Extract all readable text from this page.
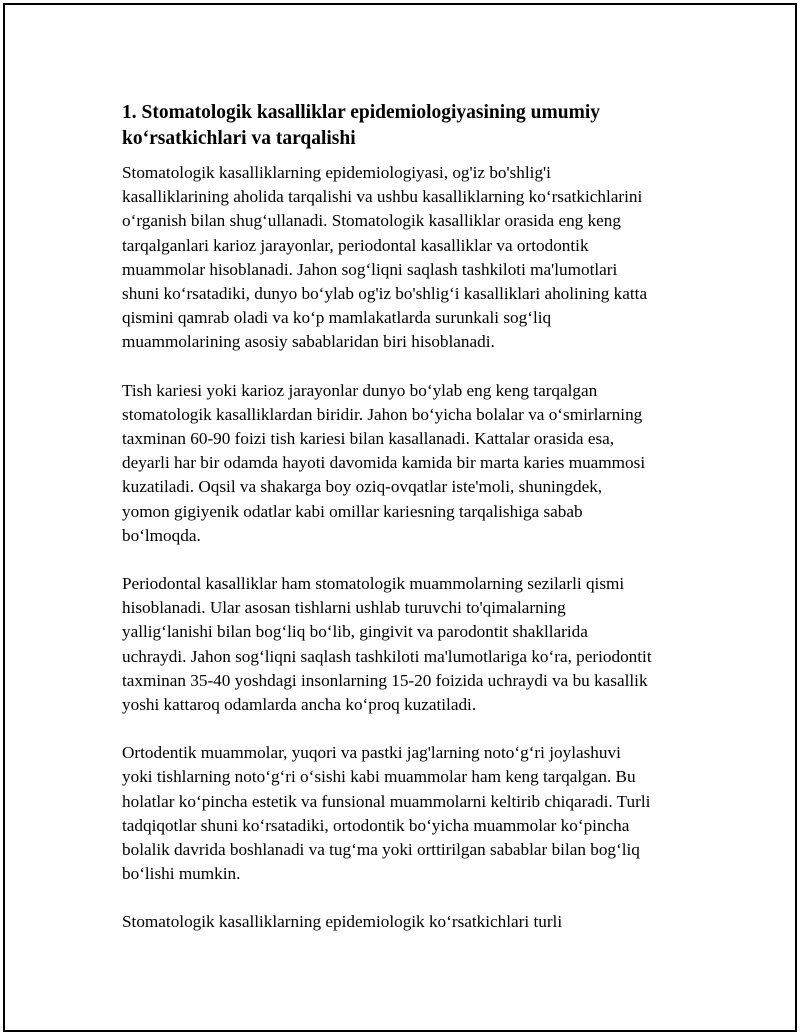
1. Stomatologik kasalliklar epidemiologiyasining umumiy
ko‘rsatkichlari va tarqalishi

Stomatologik kasalliklarning epidemiologiyasi, og'iz bo'shlig'i
kasalliklarining aholida tarqalishi va ushbu kasalliklarning ko‘rsatkichlarini
o‘rganish bilan shug‘ullanadi. Stomatologik kasalliklar orasida eng keng
tarqalganlari karioz jarayonlar, periodontal kasalliklar va ortodontik
muammolar hisoblanadi. Jahon sog‘liqni saqlash tashkiloti ma'lumotlari
shuni ko‘rsatadiki, dunyo bo‘ylab og'iz bo'shlig‘i kasalliklari aholining katta
qismini qamrab oladi va ko‘p mamlakatlarda surunkali sog‘liq
muammolarining asosiy sabablaridan biri hisoblanadi.

Tish kariesi yoki karioz jarayonlar dunyo bo‘ylab eng keng tarqalgan
stomatologik kasalliklardan biridir. Jahon bo‘yicha bolalar va o‘smirlarning
taxminan 60-90 foizi tish kariesi bilan kasallanadi. Kattalar orasida esa,
deyarli har bir odamda hayoti davomida kamida bir marta karies muammosi
kuzatiladi. Oqsil va shakarga boy oziq-ovqatlar iste'moli, shuningdek,
yomon gigiyenik odatlar kabi omillar kariesning tarqalishiga sabab
bo‘lmoqda.

Periodontal kasalliklar ham stomatologik muammolarning sezilarli qismi
hisoblanadi. Ular asosan tishlarni ushlab turuvchi to'qimalarning
yallig‘lanishi bilan bog‘liq bo‘lib, gingivit va parodontit shakllarida
uchraydi. Jahon sog‘liqni saqlash tashkiloti ma'lumotlariga ko‘ra, periodontit
taxminan 35-40 yoshdagi insonlarning 15-20 foizida uchraydi va bu kasallik
yoshi kattaroq odamlarda ancha ko‘proq kuzatiladi.

Ortodentik muammolar, yuqori va pastki jag'larning noto‘g‘ri joylashuvi
yoki tishlarning noto‘g‘ri o‘sishi kabi muammolar ham keng tarqalgan. Bu
holatlar ko‘pincha estetik va funsional muammolarni keltirib chiqaradi. Turli
tadqiqotlar shuni ko‘rsatadiki, ortodontik bo‘yicha muammolar ko‘pincha
bolalik davrida boshlanadi va tug‘ma yoki orttirilgan sabablar bilan bog‘liq
bo‘lishi mumkin.

Stomatologik kasalliklarning epidemiologik ko‘rsatkichlari turli
